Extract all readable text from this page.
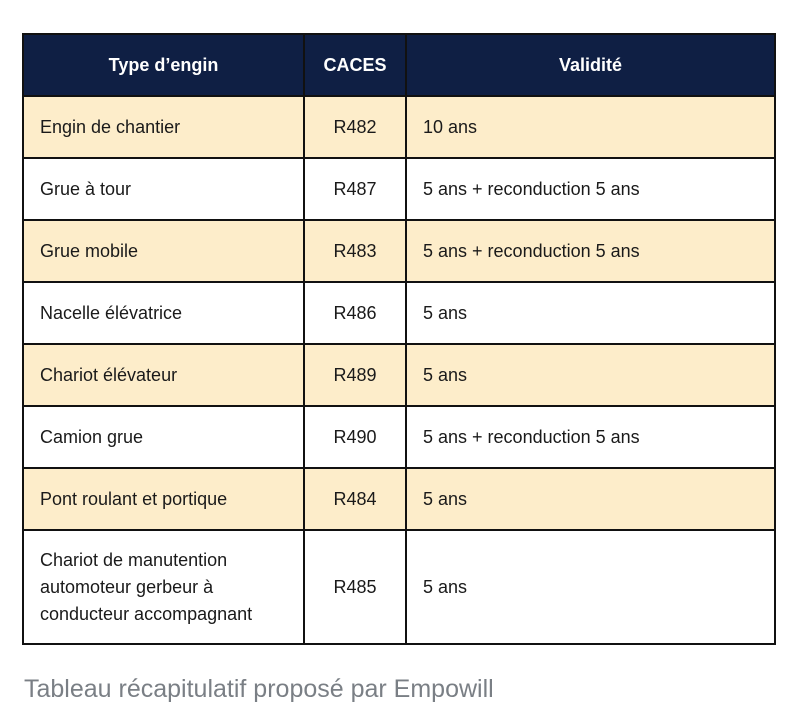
Type d’engin	CACES	Validité
Engin de chantier	R482	10 ans
Grue à tour	R487	5 ans + reconduction 5 ans
Grue mobile	R483	5 ans + reconduction 5 ans
Nacelle élévatrice	R486	5 ans
Chariot élévateur	R489	5 ans
Camion grue	R490	5 ans + reconduction 5 ans
Pont roulant et portique	R484	5 ans

Chariot de manutention
automoteur gerbeur à
conducteur accompagnant	R485	5 ans
Tableau récapitulatif proposé par Empowill
